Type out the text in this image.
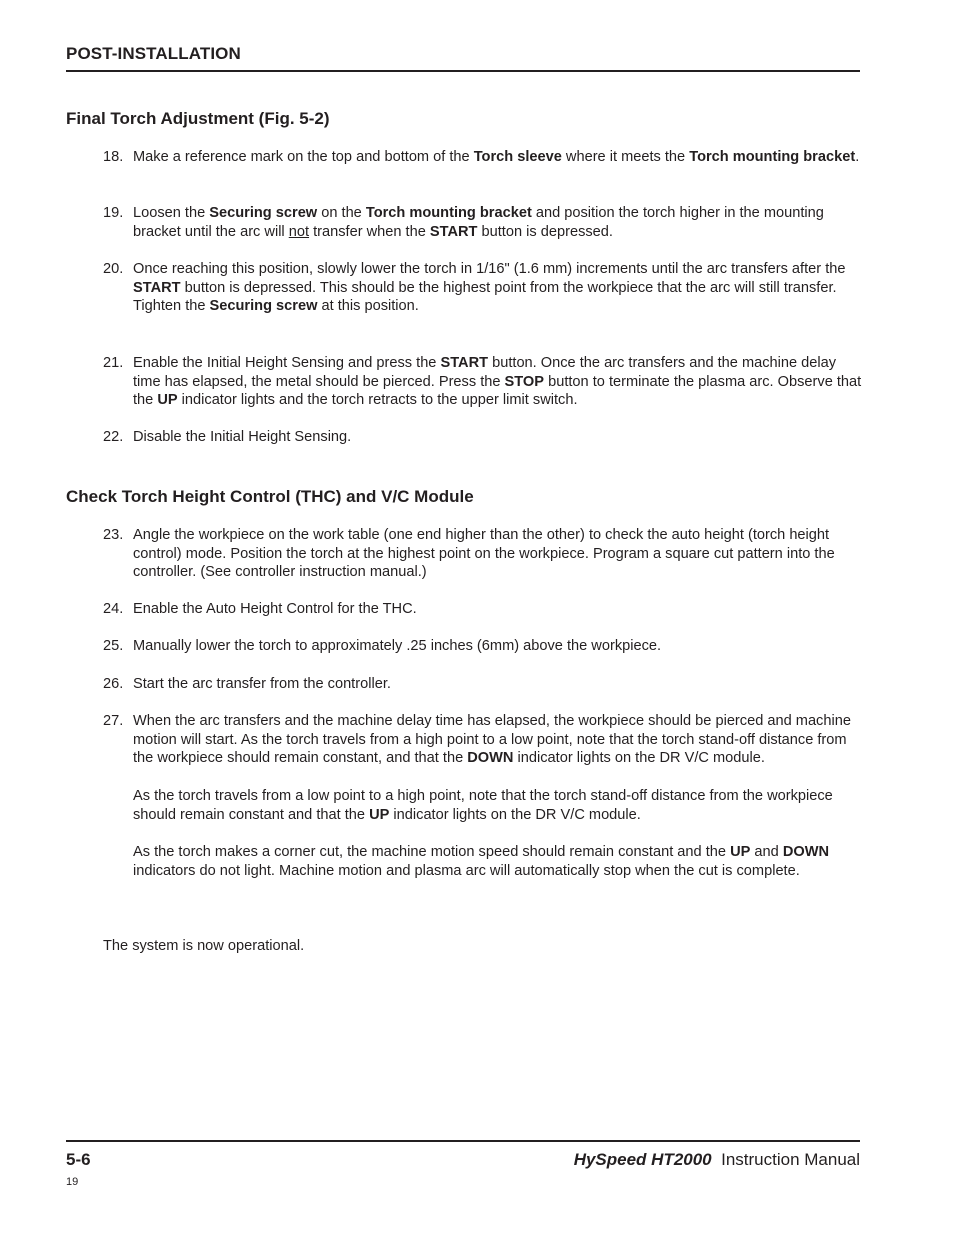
POST-INSTALLATION
Final Torch Adjustment (Fig. 5-2)
18. Make a reference mark on the top and bottom of the Torch sleeve where it meets the Torch mounting bracket.

19. Loosen the Securing screw on the Torch mounting bracket and position the torch higher in the mounting bracket until the arc will not transfer when the START button is depressed.

20. Once reaching this position, slowly lower the torch in 1/16" (1.6 mm) increments until the arc transfers after the START button is depressed. This should be the highest point from the workpiece that the arc will still transfer.

Tighten the Securing screw at this position.

21. Enable the Initial Height Sensing and press the START button. Once the arc transfers and the machine delay time has elapsed, the metal should be pierced. Press the STOP button to terminate the plasma arc. Observe that the UP indicator lights and the torch retracts to the upper limit switch.

22. Disable the Initial Height Sensing.

Check Torch Height Control (THC) and V/C Module
23. Angle the workpiece on the work table (one end higher than the other) to check the auto height (torch height control) mode. Position the torch at the highest point on the workpiece. Program a square cut pattern into the controller. (See controller instruction manual.)

24. Enable the Auto Height Control for the THC.

25. Manually lower the torch to approximately .25 inches (6mm) above the workpiece.

26. Start the arc transfer from the controller.

27. When the arc transfers and the machine delay time has elapsed, the workpiece should be pierced and machine motion will start. As the torch travels from a high point to a low point, note that the torch stand-off distance from the workpiece should remain constant, and that the DOWN indicator lights on the DR V/C module.

As the torch travels from a low point to a high point, note that the torch stand-off distance from the workpiece should remain constant and that the UP indicator lights on the DR V/C module.

As the torch makes a corner cut, the machine motion speed should remain constant and the UP and DOWN indicators do not light. Machine motion and plasma arc will automatically stop when the cut is complete.

The system is now operational.
5-6	HySpeed HT2000 Instruction Manual
19
